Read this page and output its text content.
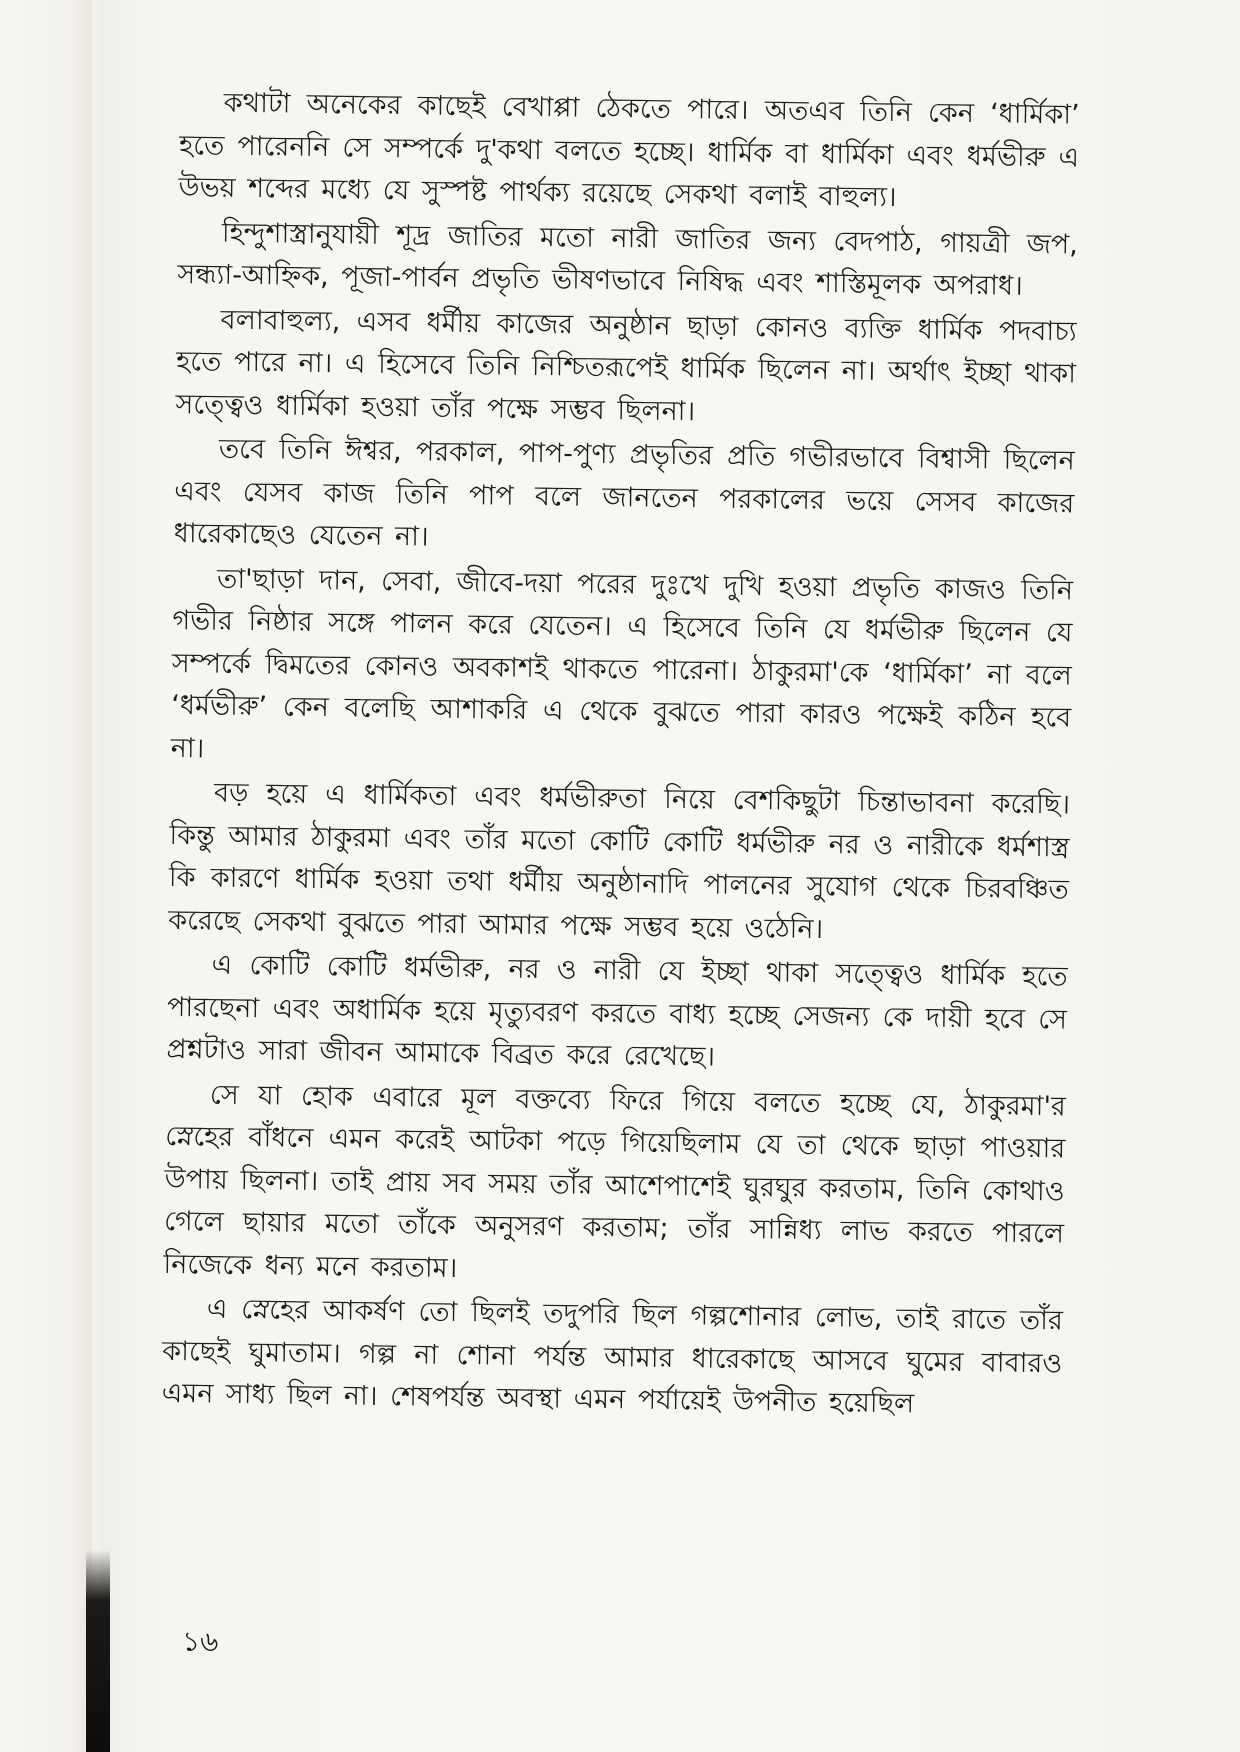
কথাটা অনেকের কাছেই বেখাপ্পা ঠেকতে পারে। অতএব তিনি কেন ‘ধার্মিকা’ হতে পারেননি সে সম্পর্কে দু'কথা বলতে হচ্ছে। ধার্মিক বা ধার্মিকা এবং ধর্মভীরু এ উভয় শব্দের মধ্যে যে সুস্পষ্ট পার্থক্য রয়েছে সেকথা বলাই বাহুল্য।

হিন্দুশাস্ত্রানুযায়ী শূদ্র জাতির মতো নারী জাতির জন্য বেদপাঠ, গায়ত্রী জপ, সন্ধ্যা-আহ্নিক, পূজা-পার্বন প্রভৃতি ভীষণভাবে নিষিদ্ধ এবং শাস্তিমূলক অপরাধ।

বলাবাহুল্য, এসব ধর্মীয় কাজের অনুষ্ঠান ছাড়া কোনও ব্যক্তি ধার্মিক পদবাচ্য হতে পারে না। এ হিসেবে তিনি নিশ্চিতরূপেই ধার্মিক ছিলেন না। অর্থাৎ ইচ্ছা থাকা সত্ত্বেও ধার্মিকা হওয়া তাঁর পক্ষে সম্ভব ছিলনা।

তবে তিনি ঈশ্বর, পরকাল, পাপ-পুণ্য প্রভৃতির প্রতি গভীরভাবে বিশ্বাসী ছিলেন এবং যেসব কাজ তিনি পাপ বলে জানতেন পরকালের ভয়ে সেসব কাজের ধারেকাছেও যেতেন না।

তা'ছাড়া দান, সেবা, জীবে-দয়া পরের দুঃখে দুখি হওয়া প্রভৃতি কাজও তিনি গভীর নিষ্ঠার সঙ্গে পালন করে যেতেন। এ হিসেবে তিনি যে ধর্মভীরু ছিলেন যে সম্পর্কে দ্বিমতের কোনও অবকাশই থাকতে পারেনা। ঠাকুরমা'কে ‘ধার্মিকা’ না বলে ‘ধর্মভীরু’ কেন বলেছি আশাকরি এ থেকে বুঝতে পারা কারও পক্ষেই কঠিন হবে না।

বড় হয়ে এ ধার্মিকতা এবং ধর্মভীরুতা নিয়ে বেশকিছুটা চিন্তাভাবনা করেছি। কিন্তু আমার ঠাকুরমা এবং তাঁর মতো কোটি কোটি ধর্মভীরু নর ও নারীকে ধর্মশাস্ত্র কি কারণে ধার্মিক হওয়া তথা ধর্মীয় অনুষ্ঠানাদি পালনের সুযোগ থেকে চিরবঞ্চিত করেছে সেকথা বুঝতে পারা আমার পক্ষে সম্ভব হয়ে ওঠেনি।

এ কোটি কোটি ধর্মভীরু, নর ও নারী যে ইচ্ছা থাকা সত্ত্বেও ধার্মিক হতে পারছেনা এবং অধার্মিক হয়ে মৃত্যুবরণ করতে বাধ্য হচ্ছে সেজন্য কে দায়ী হবে সে প্রশ্নটাও সারা জীবন আমাকে বিব্রত করে রেখেছে।

সে যা হোক এবারে মূল বক্তব্যে ফিরে গিয়ে বলতে হচ্ছে যে, ঠাকুরমা'র স্নেহের বাঁধনে এমন করেই আটকা পড়ে গিয়েছিলাম যে তা থেকে ছাড়া পাওয়ার উপায় ছিলনা। তাই প্রায় সব সময় তাঁর আশেপাশেই ঘুরঘুর করতাম, তিনি কোথাও গেলে ছায়ার মতো তাঁকে অনুসরণ করতাম; তাঁর সান্নিধ্য লাভ করতে পারলে নিজেকে ধন্য মনে করতাম।

এ স্নেহের আকর্ষণ তো ছিলই তদুপরি ছিল গল্পশোনার লোভ, তাই রাতে তাঁর কাছেই ঘুমাতাম। গল্প না শোনা পর্যন্ত আমার ধারেকাছে আসবে ঘুমের বাবারও এমন সাধ্য ছিল না। শেষপর্যন্ত অবস্থা এমন পর্যায়েই উপনীত হয়েছিল

১৬
